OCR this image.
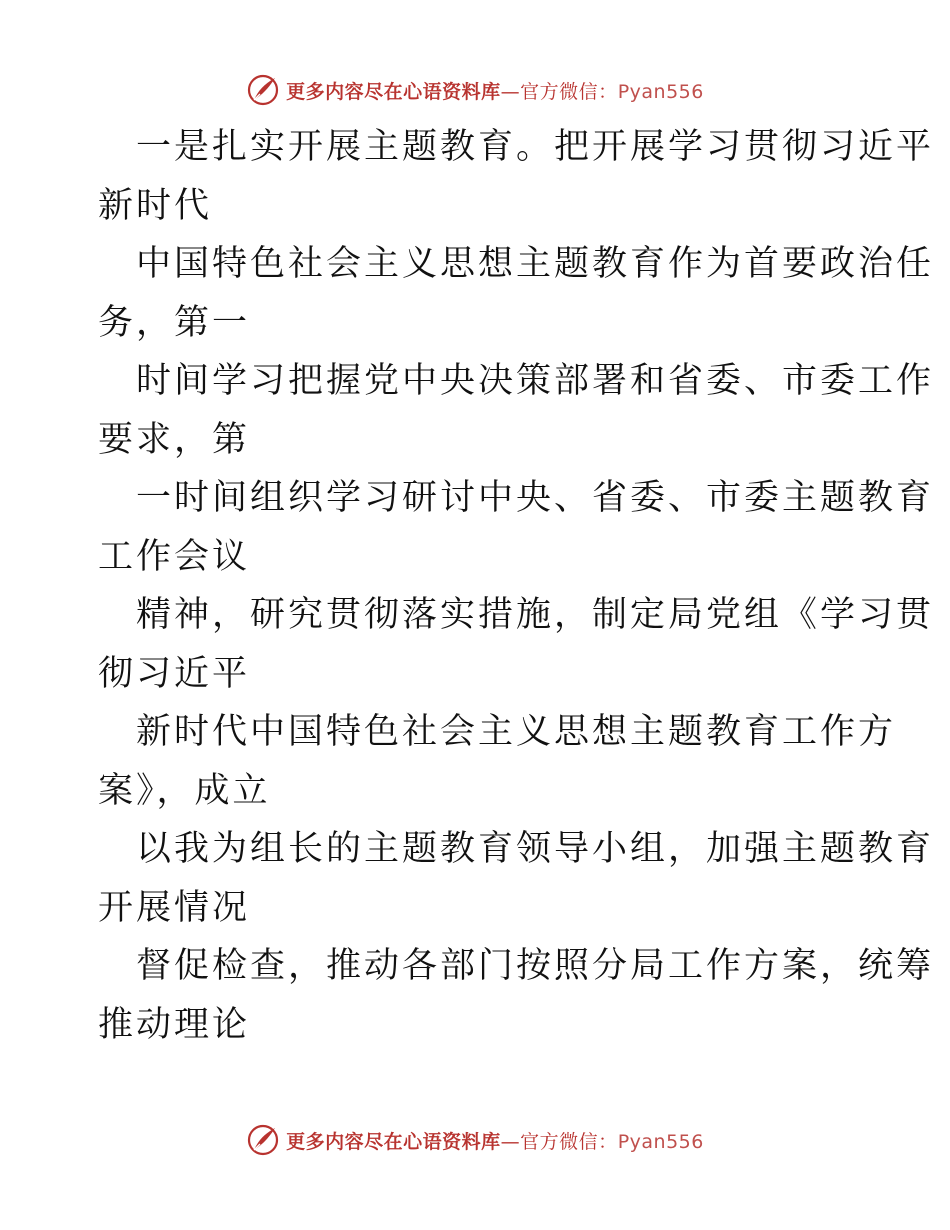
更多内容尽在心语资料库—官方微信：Pyan556

一是扎实开展主题教育。把开展学习贯彻习近平
新时代

中国特色社会主义思想主题教育作为首要政治任
务，第一

时间学习把握党中央决策部署和省委、市委工作
要求，第

一时间组织学习研讨中央、省委、市委主题教育
工作会议

精神，研究贯彻落实措施，制定局党组《学习贯
彻习近平

新时代中国特色社会主义思想主题教育工作方
案》，成立

以我为组长的主题教育领导小组，加强主题教育
开展情况

督促检查，推动各部门按照分局工作方案，统筹
推动理论

更多内容尽在心语资料库—官方微信：Pyan556
